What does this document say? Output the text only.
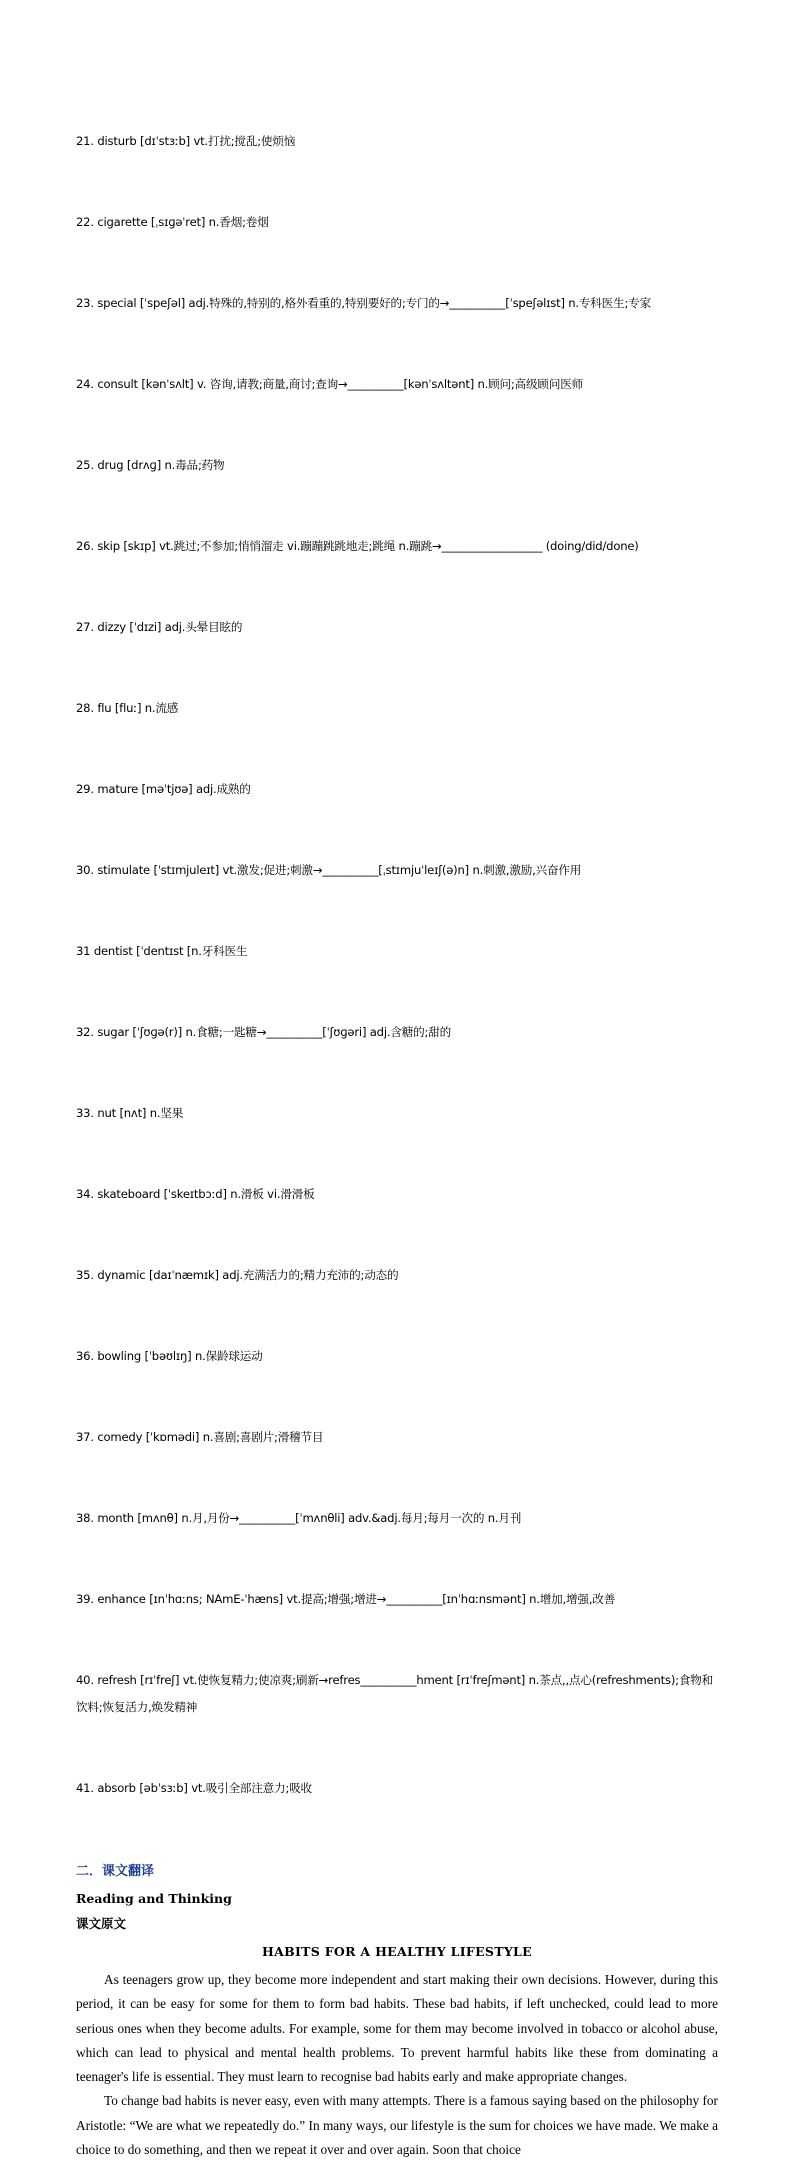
21. disturb [dɪˈstɜːb] vt.打扰;搅乱;使烦恼

22. cigarette [ˌsɪɡəˈret] n.香烟;卷烟

23. special [ˈspeʃəl] adj.特殊的,特别的,格外看重的,特别要好的;专门的→__________[ˈspeʃəlɪst] n.专科医生;专家

24. consult [kənˈsʌlt] v. 咨询,请教;商量,商讨;查询→__________[kənˈsʌltənt] n.顾问;高级顾问医师

25. drug [drʌɡ] n.毒品;药物

26. skip [skɪp] vt.跳过;不参加;悄悄溜走 vi.蹦蹦跳跳地走;跳绳 n.蹦跳→__________________ (doing/did/done)

27. dizzy [ˈdɪzi] adj.头晕目眩的

28. flu [fluː] n.流感

29. mature [məˈtjʊə] adj.成熟的

30. stimulate [ˈstɪmjuleɪt] vt.激发;促进;刺激→__________[ˌstɪmjuˈleɪʃ(ə)n] n.刺激,激励,兴奋作用

31 dentist [ˈdentɪst [n.牙科医生

32. sugar [ˈʃʊɡə(r)] n.食糖;一匙糖→__________[ˈʃʊɡəri] adj.含糖的;甜的

33. nut [nʌt] n.坚果

34. skateboard [ˈskeɪtbɔːd] n.滑板 vi.滑滑板

35. dynamic [daɪˈnæmɪk] adj.充满活力的;精力充沛的;动态的

36. bowling [ˈbəʊlɪŋ] n.保龄球运动

37. comedy [ˈkɒmədi] n.喜剧;喜剧片;滑稽节目

38. month [mʌnθ] n.月,月份→__________[ˈmʌnθli] adv.&adj.每月;每月一次的 n.月刊

39. enhance [ɪnˈhɑːns; NAmE-ˈhæns] vt.提高;增强;增进→__________[ɪnˈhɑːnsmənt] n.增加,增强,改善

40. refresh [rɪˈfreʃ] vt.使恢复精力;使凉爽;刷新→refres__________hment [rɪˈfreʃmənt] n.茶点,,点心(refreshments);食物和饮料;恢复活力,焕发精神

41. absorb [əbˈsɜːb] vt.吸引全部注意力;吸收

二．课文翻译
Reading and Thinking
课文原文
HABITS FOR A HEALTHY LIFESTYLE

As teenagers grow up, they become more independent and start making their own decisions. However, during this period, it can be easy for some for them to form bad habits. These bad habits, if left unchecked, could lead to more serious ones when they become adults. For example, some for them may become involved in tobacco or alcohol abuse, which can lead to physical and mental health problems. To prevent harmful habits like these from dominating a teenager's life is essential. They must learn to recognise bad habits early and make appropriate changes.

To change bad habits is never easy, even with many attempts. There is a famous saying based on the philosophy for Aristotle: “We are what we repeatedly do.” In many ways, our lifestyle is the sum for choices we have made. We make a choice to do something, and then we repeat it over and over again. Soon that choice
